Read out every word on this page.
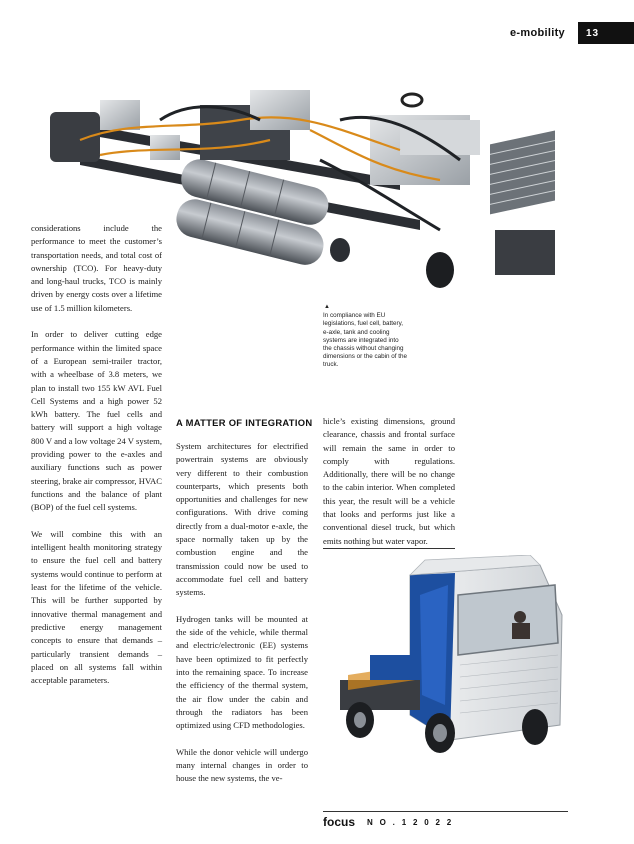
e-mobility 13
▲
In compliance with EU legislations, fuel cell, battery, e-axle, tank and cooling systems are integrated into the chassis without changing dimensions or the cabin of the truck.

considerations include the performance to meet the customer’s transportation needs, and total cost of ownership (TCO). For heavy-duty and long-haul trucks, TCO is mainly driven by energy costs over a lifetime use of 1.5 million kilometers.

In order to deliver cutting edge performance within the limited space of a European semi-trailer tractor, with a wheelbase of 3.8 meters, we plan to install two 155 kW AVL Fuel Cell Systems and a high power 52 kWh battery. The fuel cells and battery will support a high voltage 800 V and a low voltage 24 V system, providing power to the e-axles and auxiliary functions such as power steering, brake air compressor, HVAC functions and the balance of plant (BOP) of the fuel cell systems.

We will combine this with an intelligent health monitoring strategy to ensure the fuel cell and battery systems would continue to perform at least for the lifetime of the vehicle. This will be further supported by innovative thermal management and predictive energy management concepts to ensure that demands – particularly transient demands – placed on all systems fall within acceptable parameters.

A MATTER OF INTEGRATION

System architectures for electrified powertrain systems are obviously very different to their combustion counterparts, which presents both opportunities and challenges for new configurations. With drive coming directly from a dual-motor e-axle, the space normally taken up by the combustion engine and the transmission could now be used to accommodate fuel cell and battery systems.

Hydrogen tanks will be mounted at the side of the vehicle, while thermal and electric/electronic (EE) systems have been optimized to fit perfectly into the remaining space. To increase the efficiency of the thermal system, the air flow under the cabin and through the radiators has been optimized using CFD methodologies.

While the donor vehicle will undergo many internal changes in order to house the new systems, the ve-

hicle’s existing dimensions, ground clearance, chassis and frontal surface will remain the same in order to comply with regulations. Additionally, there will be no change to the cabin interior. When completed this year, the result will be a vehicle that looks and performs just like a conventional diesel truck, but which emits nothing but water vapor.

focus N O . 1 2 0 2 2
